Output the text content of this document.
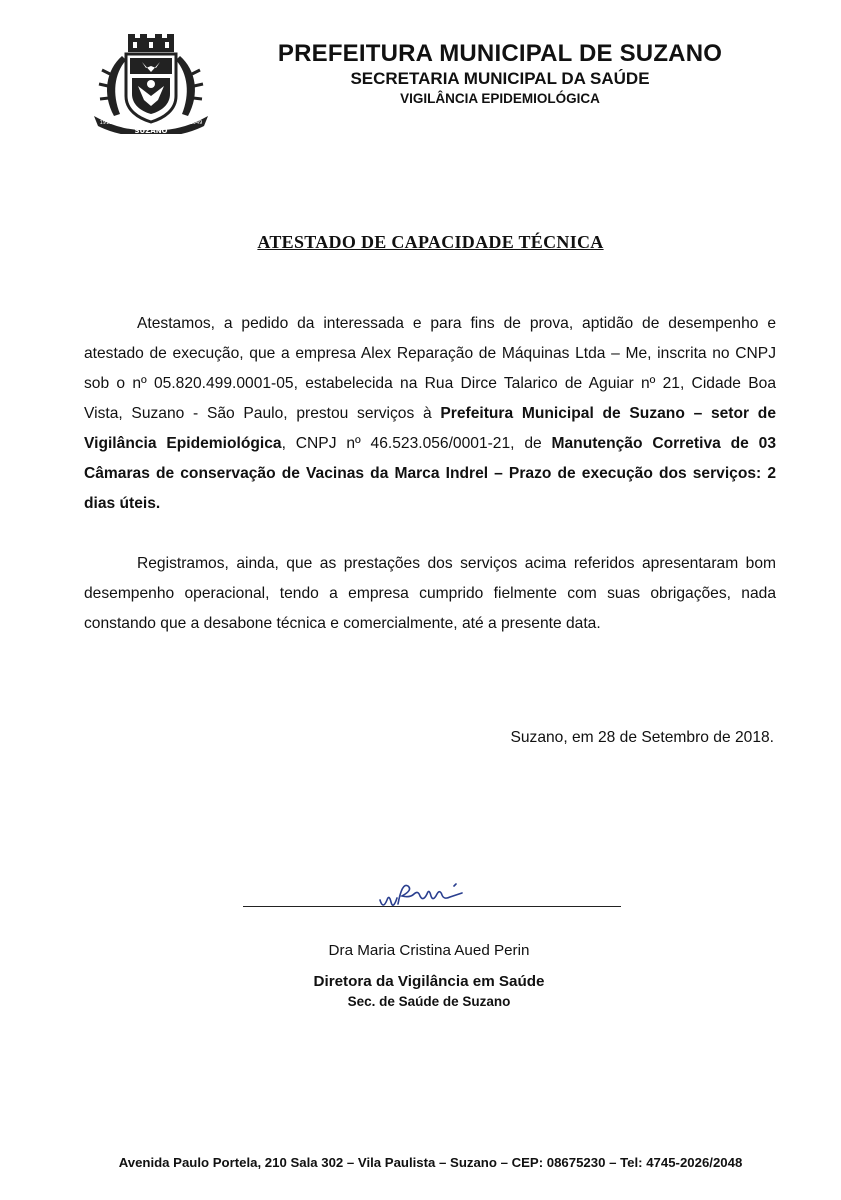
SUZANO
1919	1949
PREFEITURA MUNICIPAL DE SUZANO
SECRETARIA MUNICIPAL DA SAÚDE
VIGILÂNCIA EPIDEMIOLÓGICA
ATESTADO DE CAPACIDADE TÉCNICA

Atestamos, a pedido da interessada e para fins de prova, aptidão de desempenho e atestado de execução, que a empresa Alex Reparação de Máquinas Ltda – Me, inscrita no CNPJ sob o nº 05.820.499.0001-05, estabelecida na Rua Dirce Talarico de Aguiar nº 21, Cidade Boa Vista, Suzano - São Paulo, prestou serviços à Prefeitura Municipal de Suzano – setor de Vigilância Epidemiológica, CNPJ nº 46.523.056/0001-21, de Manutenção Corretiva de 03 Câmaras de conservação de Vacinas da Marca Indrel – Prazo de execução dos serviços: 2 dias úteis.

Registramos, ainda, que as prestações dos serviços acima referidos apresentaram bom desempenho operacional, tendo a empresa cumprido fielmente com suas obrigações, nada constando que a desabone técnica e comercialmente, até a presente data.

Suzano, em 28 de Setembro de 2018.
Dra Maria Cristina Aued Perin
Diretora da Vigilância em Saúde
Sec. de Saúde de Suzano
Avenida Paulo Portela, 210 Sala 302 – Vila Paulista – Suzano – CEP: 08675230 – Tel: 4745-2026/2048
